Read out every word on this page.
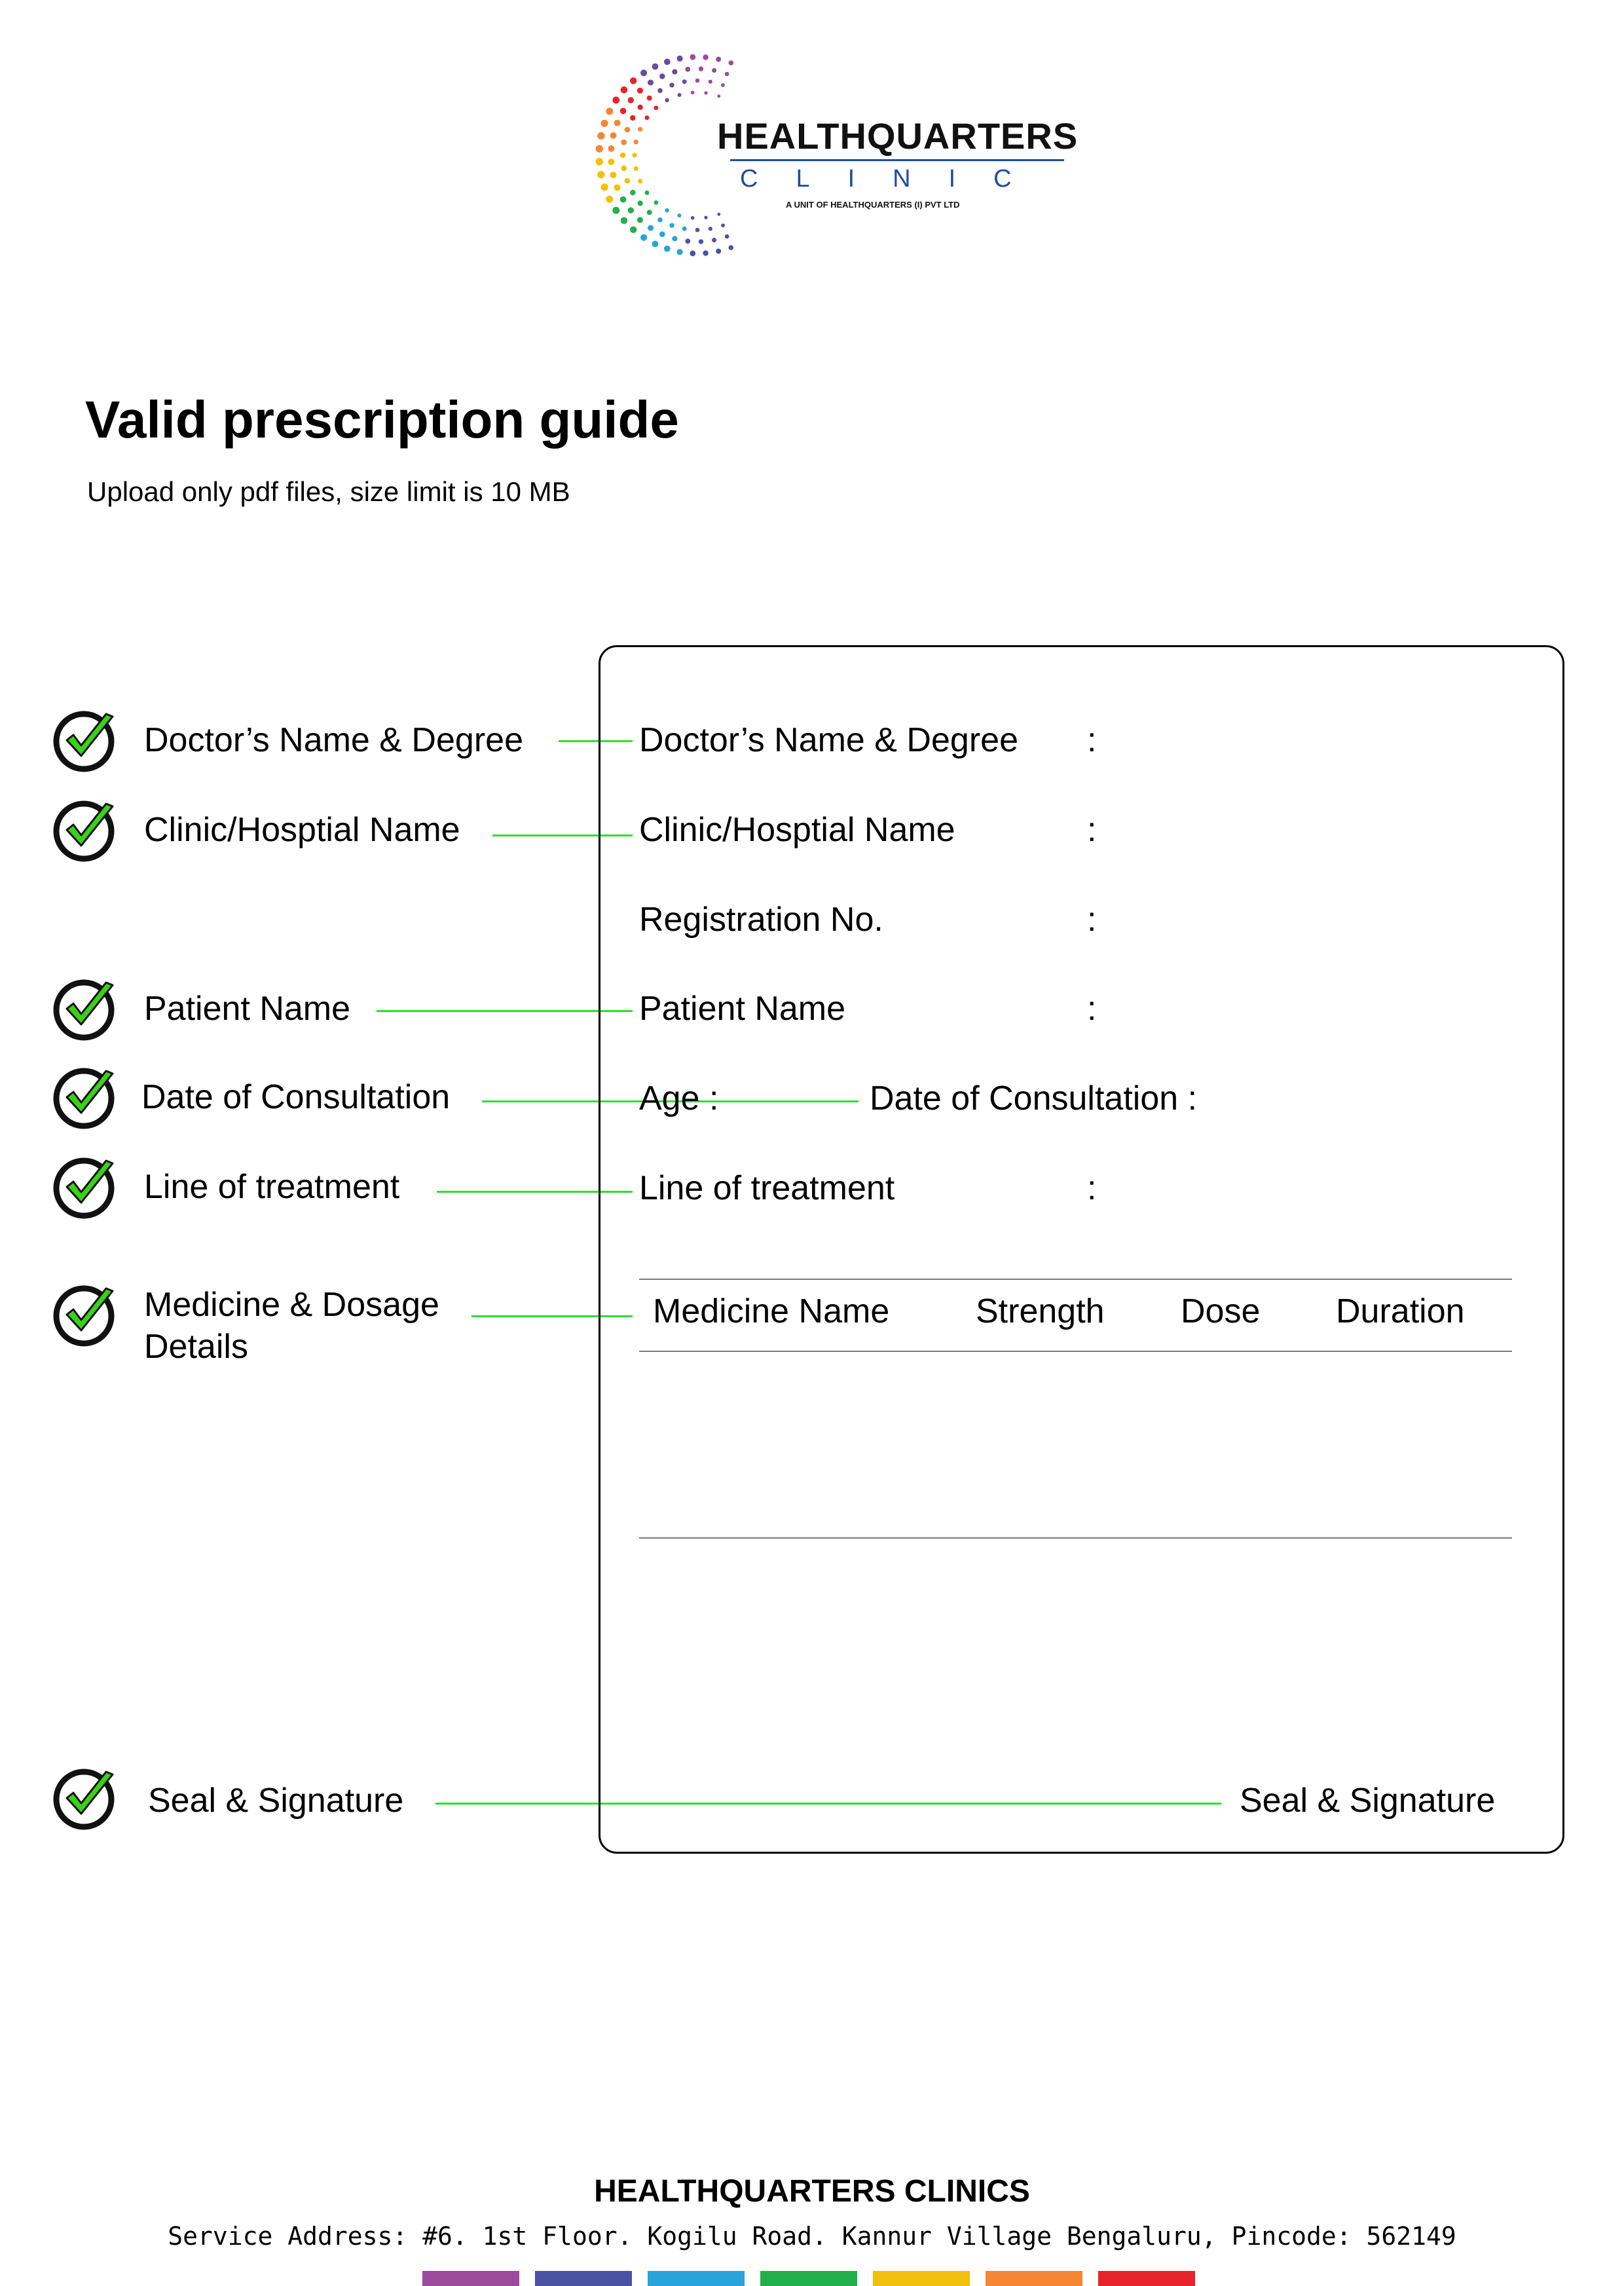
HEALTHQUARTERS
CLINIC
A UNIT OF HEALTHQUARTERS (I) PVT LTD
Valid prescription guide
Upload only pdf files, size limit is 10 MB
Doctor’s Name & Degree
Clinic/Hosptial Name
Patient Name
Date of Consultation
Line of treatment
Medicine & Dosage
Details
Seal & Signature
Doctor’s Name & Degree :
Clinic/Hosptial Name	:
Registration No.	:
Patient Name	:
Age :	Date of Consultation :
Line of treatment	:
Medicine Name	Strength Dose Duration
Seal & Signature
HEALTHQUARTERS CLINICS
Service Address: #6. 1st Floor. Kogilu Road. Kannur Village Bengaluru, Pincode: 562149
